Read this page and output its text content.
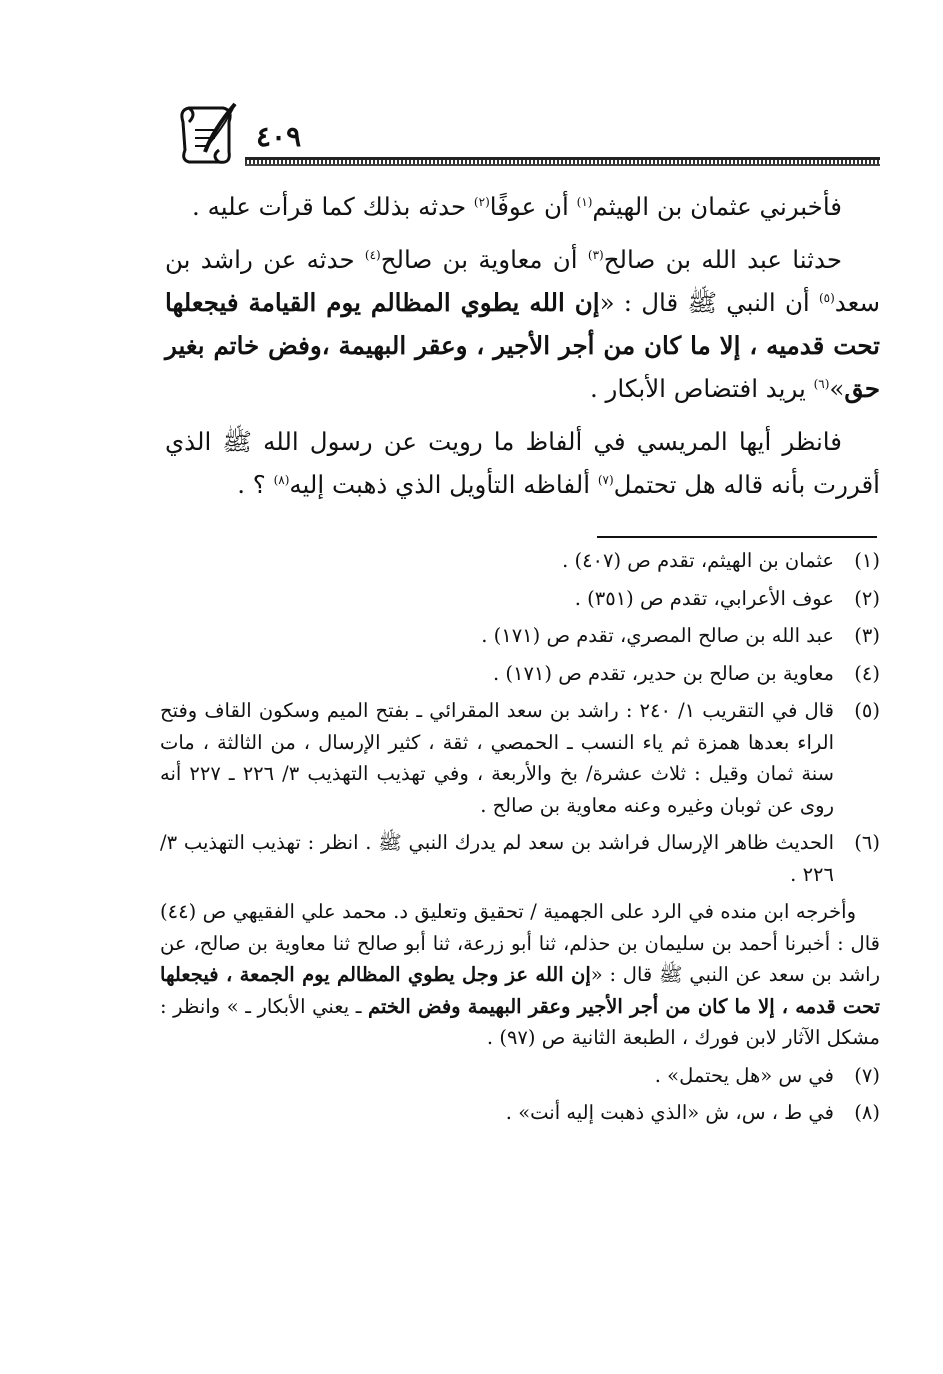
٤٠٩

فأخبرني عثمان بن الهيثم$^{(١)}$ أن عوفًا$^{(٢)}$ حدثه بذلك كما قرأت عليه .

حدثنا عبد الله بن صالح$^{(٣)}$ أن معاوية بن صالح$^{(٤)}$ حدثه عن راشد بن سعد$^{(٥)}$ أن النبي ﷺ قال : «إن الله يطوي المظالم يوم القيامة فيجعلها تحت قدميه ، إلا ما كان من أجر الأجير ، وعقر البهيمة ،وفض خاتم بغير حق»$^{(٦)}$ يريد افتضاص الأبكار .

فانظر أيها المريسي في ألفاظ ما رويت عن رسول الله ﷺ الذي أقررت بأنه قاله هل تحتمل$^{(٧)}$ ألفاظه التأويل الذي ذهبت إليه$^{(٨)}$ ؟ .

(١)
عثمان بن الهيثم، تقدم ص (٤٠٧) .
(٢)
عوف الأعرابي، تقدم ص (٣٥١) .
(٣)
عبد الله بن صالح المصري، تقدم ص (١٧١) .
(٤)
معاوية بن صالح بن حدير، تقدم ص (١٧١) .
(٥)
قال في التقريب ١/ ٢٤٠ : راشد بن سعد المقرائي ـ بفتح الميم وسكون القاف وفتح الراء بعدها همزة ثم ياء النسب ـ الحمصي ، ثقة ، كثير الإرسال ، من الثالثة ، مات سنة ثمان وقيل : ثلاث عشرة/ بخ والأربعة ، وفي تهذيب التهذيب ٣/ ٢٢٦ ـ ٢٢٧ أنه روى عن ثوبان وغيره وعنه معاوية بن صالح .
(٦)
الحديث ظاهر الإرسال فراشد بن سعد لم يدرك النبي ﷺ . انظر : تهذيب التهذيب ٣/ ٢٢٦ .
وأخرجه ابن منده في الرد على الجهمية / تحقيق وتعليق د. محمد علي الفقيهي ص (٤٤) قال : أخبرنا أحمد بن سليمان بن حذلم، ثنا أبو زرعة، ثنا أبو صالح ثنا معاوية بن صالح، عن راشد بن سعد عن النبي ﷺ قال : «إن الله عز وجل يطوي المظالم يوم الجمعة ، فيجعلها تحت قدمه ، إلا ما كان من أجر الأجير وعقر البهيمة وفض الختم ـ يعني الأبكار ـ » وانظر : مشكل الآثار لابن فورك ، الطبعة الثانية ص (٩٧) .
(٧)
في س «هل يحتمل» .
(٨)
في ط ، س، ش «الذي ذهبت إليه أنت» .
